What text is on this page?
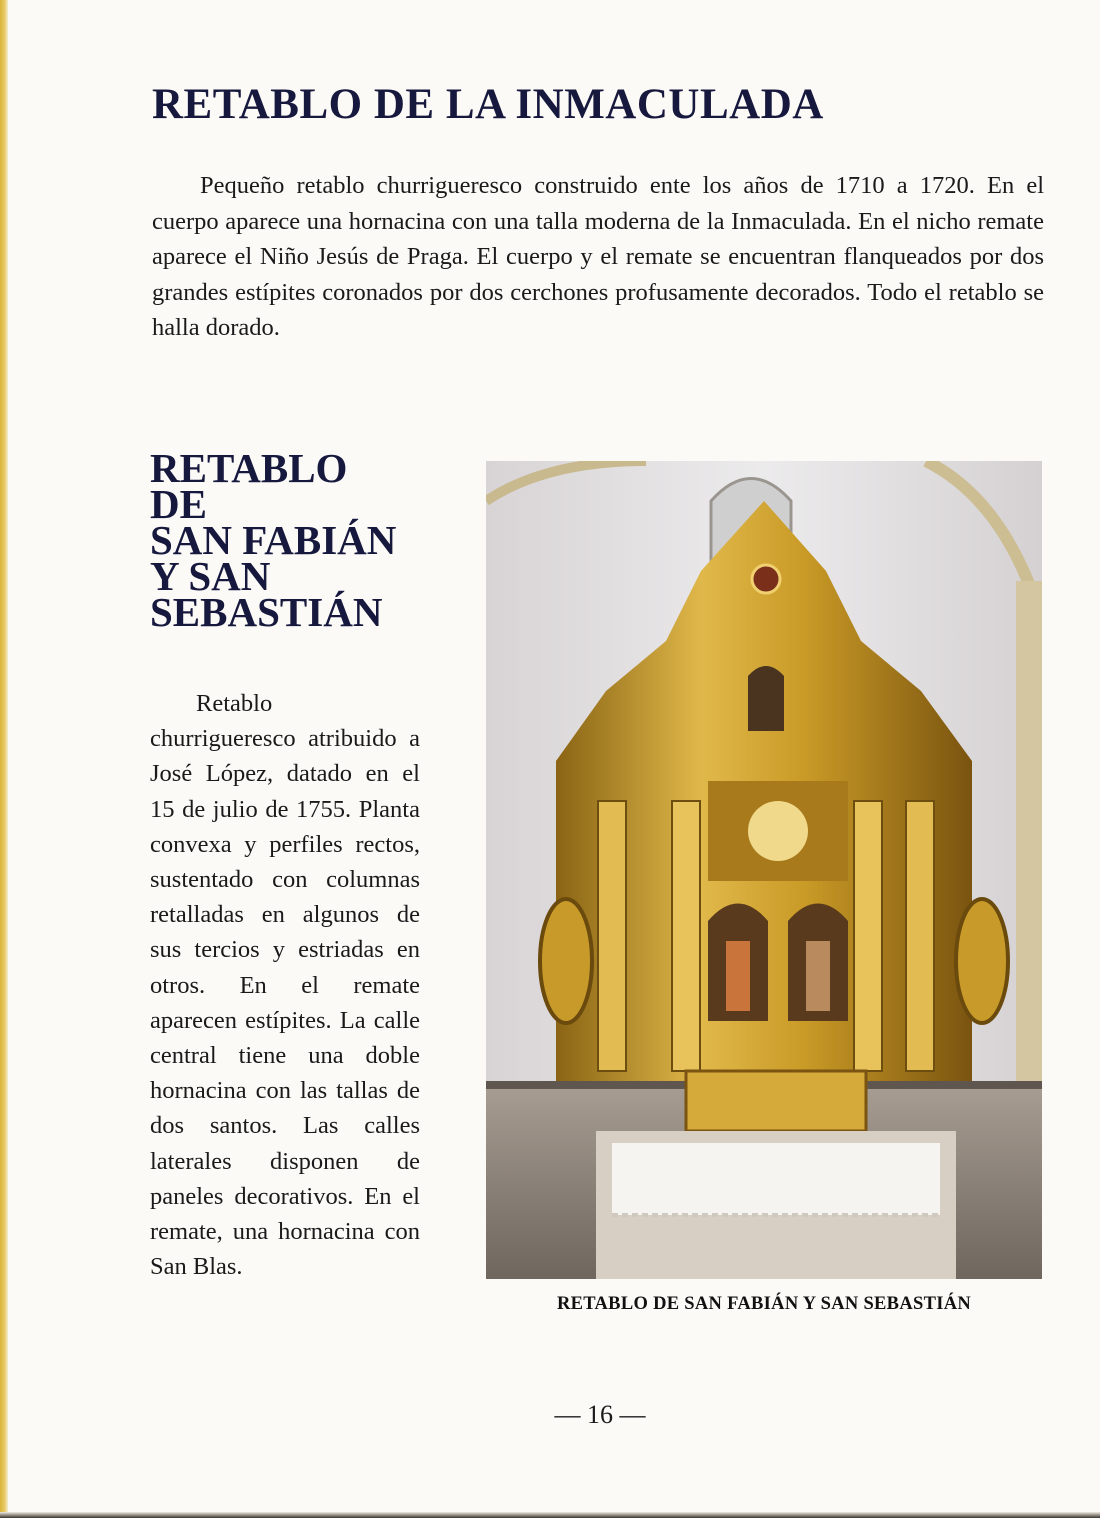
RETABLO DE LA INMACULADA

Pequeño retablo churrigueresco construido ente los años de 1710 a 1720. En el cuerpo aparece una hornacina con una talla moderna de la Inmaculada. En el nicho remate aparece el Niño Jesús de Praga. El cuerpo y el remate se encuentran flanqueados por dos grandes estípites coronados por dos cerchones profusamente decorados. Todo el retablo se halla dorado.

RETABLO
DE
SAN FABIÁN
Y SAN
SEBASTIÁN

Retablo churrigueresco atribuido a José López, datado en el 15 de julio de 1755. Planta convexa y perfiles rectos, sustentado con columnas retalladas en algunos de sus tercios y estriadas en otros. En el remate aparecen estípites. La calle central tiene una doble hornacina con las tallas de dos santos. Las calles laterales disponen de paneles decorativos. En el remate, una hornacina con San Blas.

RETABLO DE SAN FABIÁN Y SAN SEBASTIÁN
— 16 —
